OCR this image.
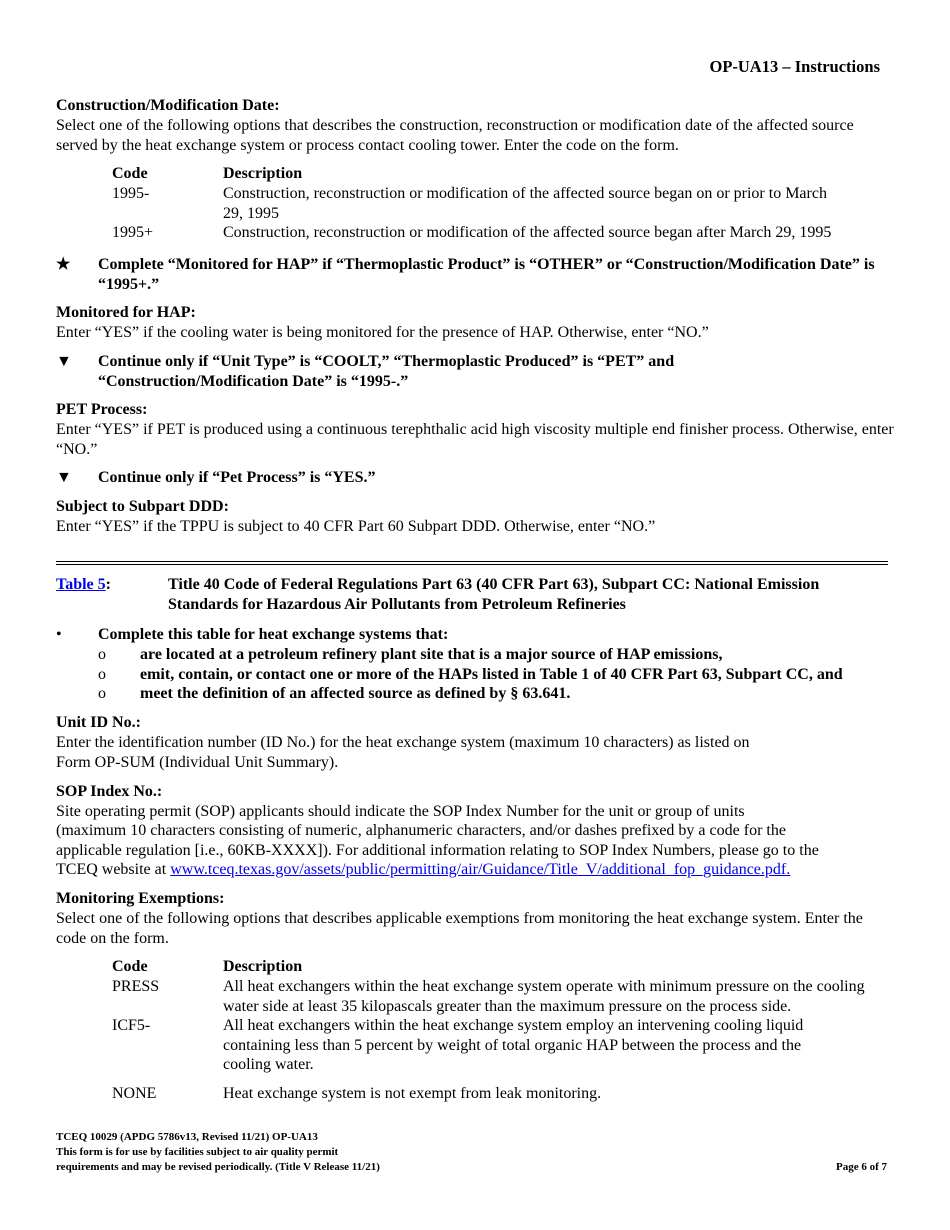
OP-UA13 – Instructions
Construction/Modification Date:
Select one of the following options that describes the construction, reconstruction or modification date of the affected source served by the heat exchange system or process contact cooling tower. Enter the code on the form.
Code	Description
1995-	Construction, reconstruction or modification of the affected source began on or prior to March 29, 1995
1995+	Construction, reconstruction or modification of the affected source began after March 29, 1995
★ Complete “Monitored for HAP” if “Thermoplastic Product” is “OTHER” or “Construction/Modification Date” is “1995+.”
Monitored for HAP:
Enter “YES” if the cooling water is being monitored for the presence of HAP. Otherwise, enter “NO.”
▼ Continue only if “Unit Type” is “COOLT,” “Thermoplastic Produced” is “PET” and “Construction/Modification Date” is “1995-.”
PET Process:
Enter “YES” if PET is produced using a continuous terephthalic acid high viscosity multiple end finisher process. Otherwise, enter “NO.”
▼ Continue only if “Pet Process” is “YES.”
Subject to Subpart DDD:
Enter “YES” if the TPPU is subject to 40 CFR Part 60 Subpart DDD. Otherwise, enter “NO.”
Table 5:	Title 40 Code of Federal Regulations Part 63 (40 CFR Part 63), Subpart CC: National Emission
Standards for Hazardous Air Pollutants from Petroleum Refineries
• Complete this table for heat exchange systems that:
o are located at a petroleum refinery plant site that is a major source of HAP emissions,
o emit, contain, or contact one or more of the HAPs listed in Table 1 of 40 CFR Part 63, Subpart CC, and
o meet the definition of an affected source as defined by § 63.641.
Unit ID No.:
Enter the identification number (ID No.) for the heat exchange system (maximum 10 characters) as listed on
Form OP-SUM (Individual Unit Summary).
SOP Index No.:
Site operating permit (SOP) applicants should indicate the SOP Index Number for the unit or group of units
(maximum 10 characters consisting of numeric, alphanumeric characters, and/or dashes prefixed by a code for the
applicable regulation [i.e., 60KB-XXXX]). For additional information relating to SOP Index Numbers, please go to the
TCEQ website at www.tceq.texas.gov/assets/public/permitting/air/Guidance/Title_V/additional_fop_guidance.pdf.
Monitoring Exemptions:
Select one of the following options that describes applicable exemptions from monitoring the heat exchange system. Enter the code on the form.
Code	Description
PRESS	All heat exchangers within the heat exchange system operate with minimum pressure on the cooling water side at least 35 kilopascals greater than the maximum pressure on the process side.
ICF5-	All heat exchangers within the heat exchange system employ an intervening cooling liquid containing less than 5 percent by weight of total organic HAP between the process and the cooling water.
NONE	Heat exchange system is not exempt from leak monitoring.
TCEQ 10029 (APDG 5786v13, Revised 11/21) OP-UA13
This form is for use by facilities subject to air quality permit
requirements and may be revised periodically. (Title V Release 11/21)	Page 6 of 7
